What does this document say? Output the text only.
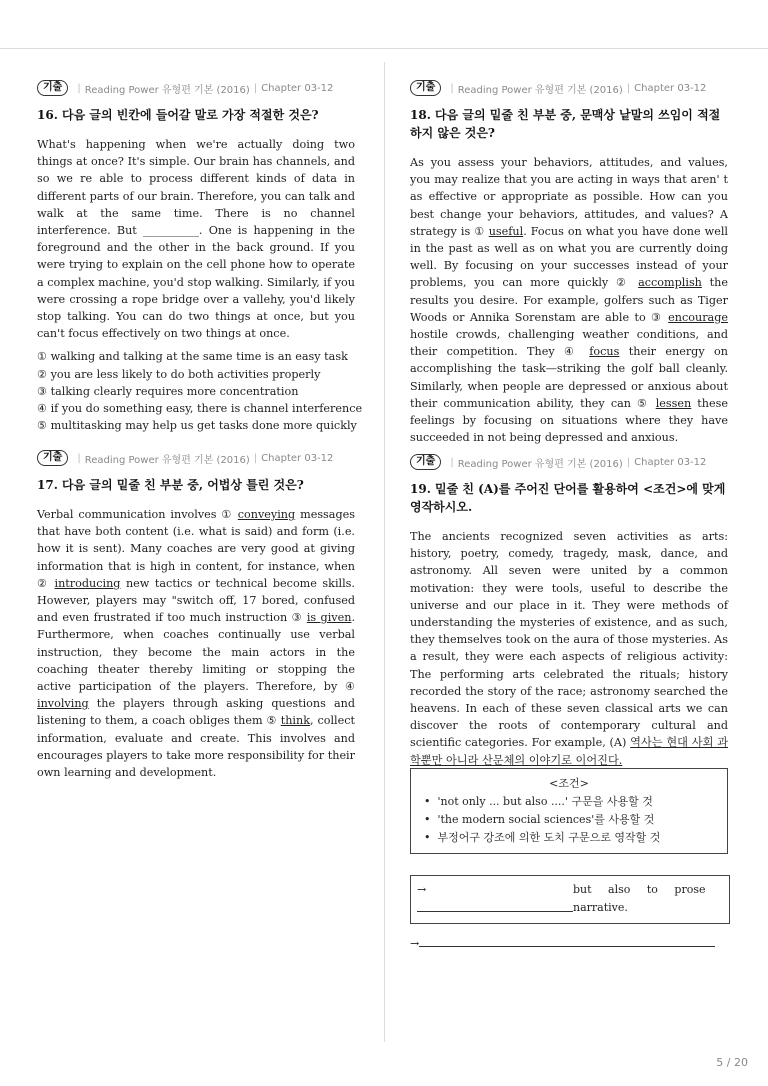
기출	| Reading Power 유형편 기본 (2016) | Chapter 03-12
16. 다음 글의 빈칸에 들어갈 말로 가장 적절한 것은?
What's happening when we're actually doing two things at once? It's simple. Our brain has channels, and so we re able to process different kinds of data in different parts of our brain. Therefore, you can talk and walk at the same time. There is no channel interference. But __________. One is happening in the foreground and the other in the back ground. If you were trying to explain on the cell phone how to operate a complex machine, you'd stop walking. Similarly, if you were crossing a rope bridge over a vallehy, you'd likely stop talking. You can do two things at once, but you can't focus effectively on two things at once.
① walking and talking at the same time is an easy task
② you are less likely to do both activities properly
③ talking clearly requires more concentration
④ if you do something easy, there is channel interference
⑤ multitasking may help us get tasks done more quickly
기출	| Reading Power 유형편 기본 (2016) | Chapter 03-12
17. 다음 글의 밑줄 친 부분 중, 어법상 틀린 것은?
Verbal communication involves ① conveying messages that have both content (i.e. what is said) and form (i.e. how it is sent). Many coaches are very good at giving information that is high in content, for instance, when ② introducing new tactics or technical become skills. However, players may "switch off, 17 bored, confused and even frustrated if too much instruction ③ is given. Furthermore, when coaches continually use verbal instruction, they become the main actors in the coaching theater thereby limiting or stopping the active participation of the players. Therefore, by ④ involving the players through asking questions and listening to them, a coach obliges them ⑤ think, collect information, evaluate and create. This involves and encourages players to take more responsibility for their own learning and development.
기출	| Reading Power 유형편 기본 (2016) | Chapter 03-12
18. 다음 글의 밑줄 친 부분 중, 문맥상 낱말의 쓰임이 적절하지 않은 것은?
As you assess your behaviors, attitudes, and values, you may realize that you are acting in ways that aren' t as effective or appropriate as possible. How can you best change your behaviors, attitudes, and values? A strategy is ① useful. Focus on what you have done well in the past as well as on what you are currently doing well. By focusing on your successes instead of your problems, you can more quickly ② accomplish the results you desire. For example, golfers such as Tiger Woods or Annika Sorenstam are able to ③ encourage hostile crowds, challenging weather conditions, and their competition. They ④ focus their energy on accomplishing the task—striking the golf ball cleanly. Similarly, when people are depressed or anxious about their communication ability, they can ⑤ lessen these feelings by focusing on situations where they have succeeded in not being depressed and anxious.
기출	| Reading Power 유형편 기본 (2016) | Chapter 03-12
19. 밑줄 친 (A)를 주어진 단어를 활용하여 <조건>에 맞게 영작하시오.
The ancients recognized seven activities as arts: history, poetry, comedy, tragedy, mask, dance, and astronomy. All seven were united by a common motivation: they were tools, useful to describe the universe and our place in it. They were methods of understanding the mysteries of existence, and as such, they themselves took on the aura of those mysteries. As a result, they were each aspects of religious activity: The performing arts celebrated the rituals; history recorded the story of the race; astronomy searched the heavens. In each of these seven classical arts we can discover the roots of contemporary cultural and scientific categories. For example, (A) 역사는 현대 사회 과학뿐만 아니라 산문체의 이야기로 이어진다.
<조건>
•  'not only ... but also ....' 구문을 사용할 것
•  'the modern social sciences'를 사용할 것
•  부정어구 강조에 의한 도치 구문으로 영작할 것
→	but also to prose narrative.
→
5 / 20
